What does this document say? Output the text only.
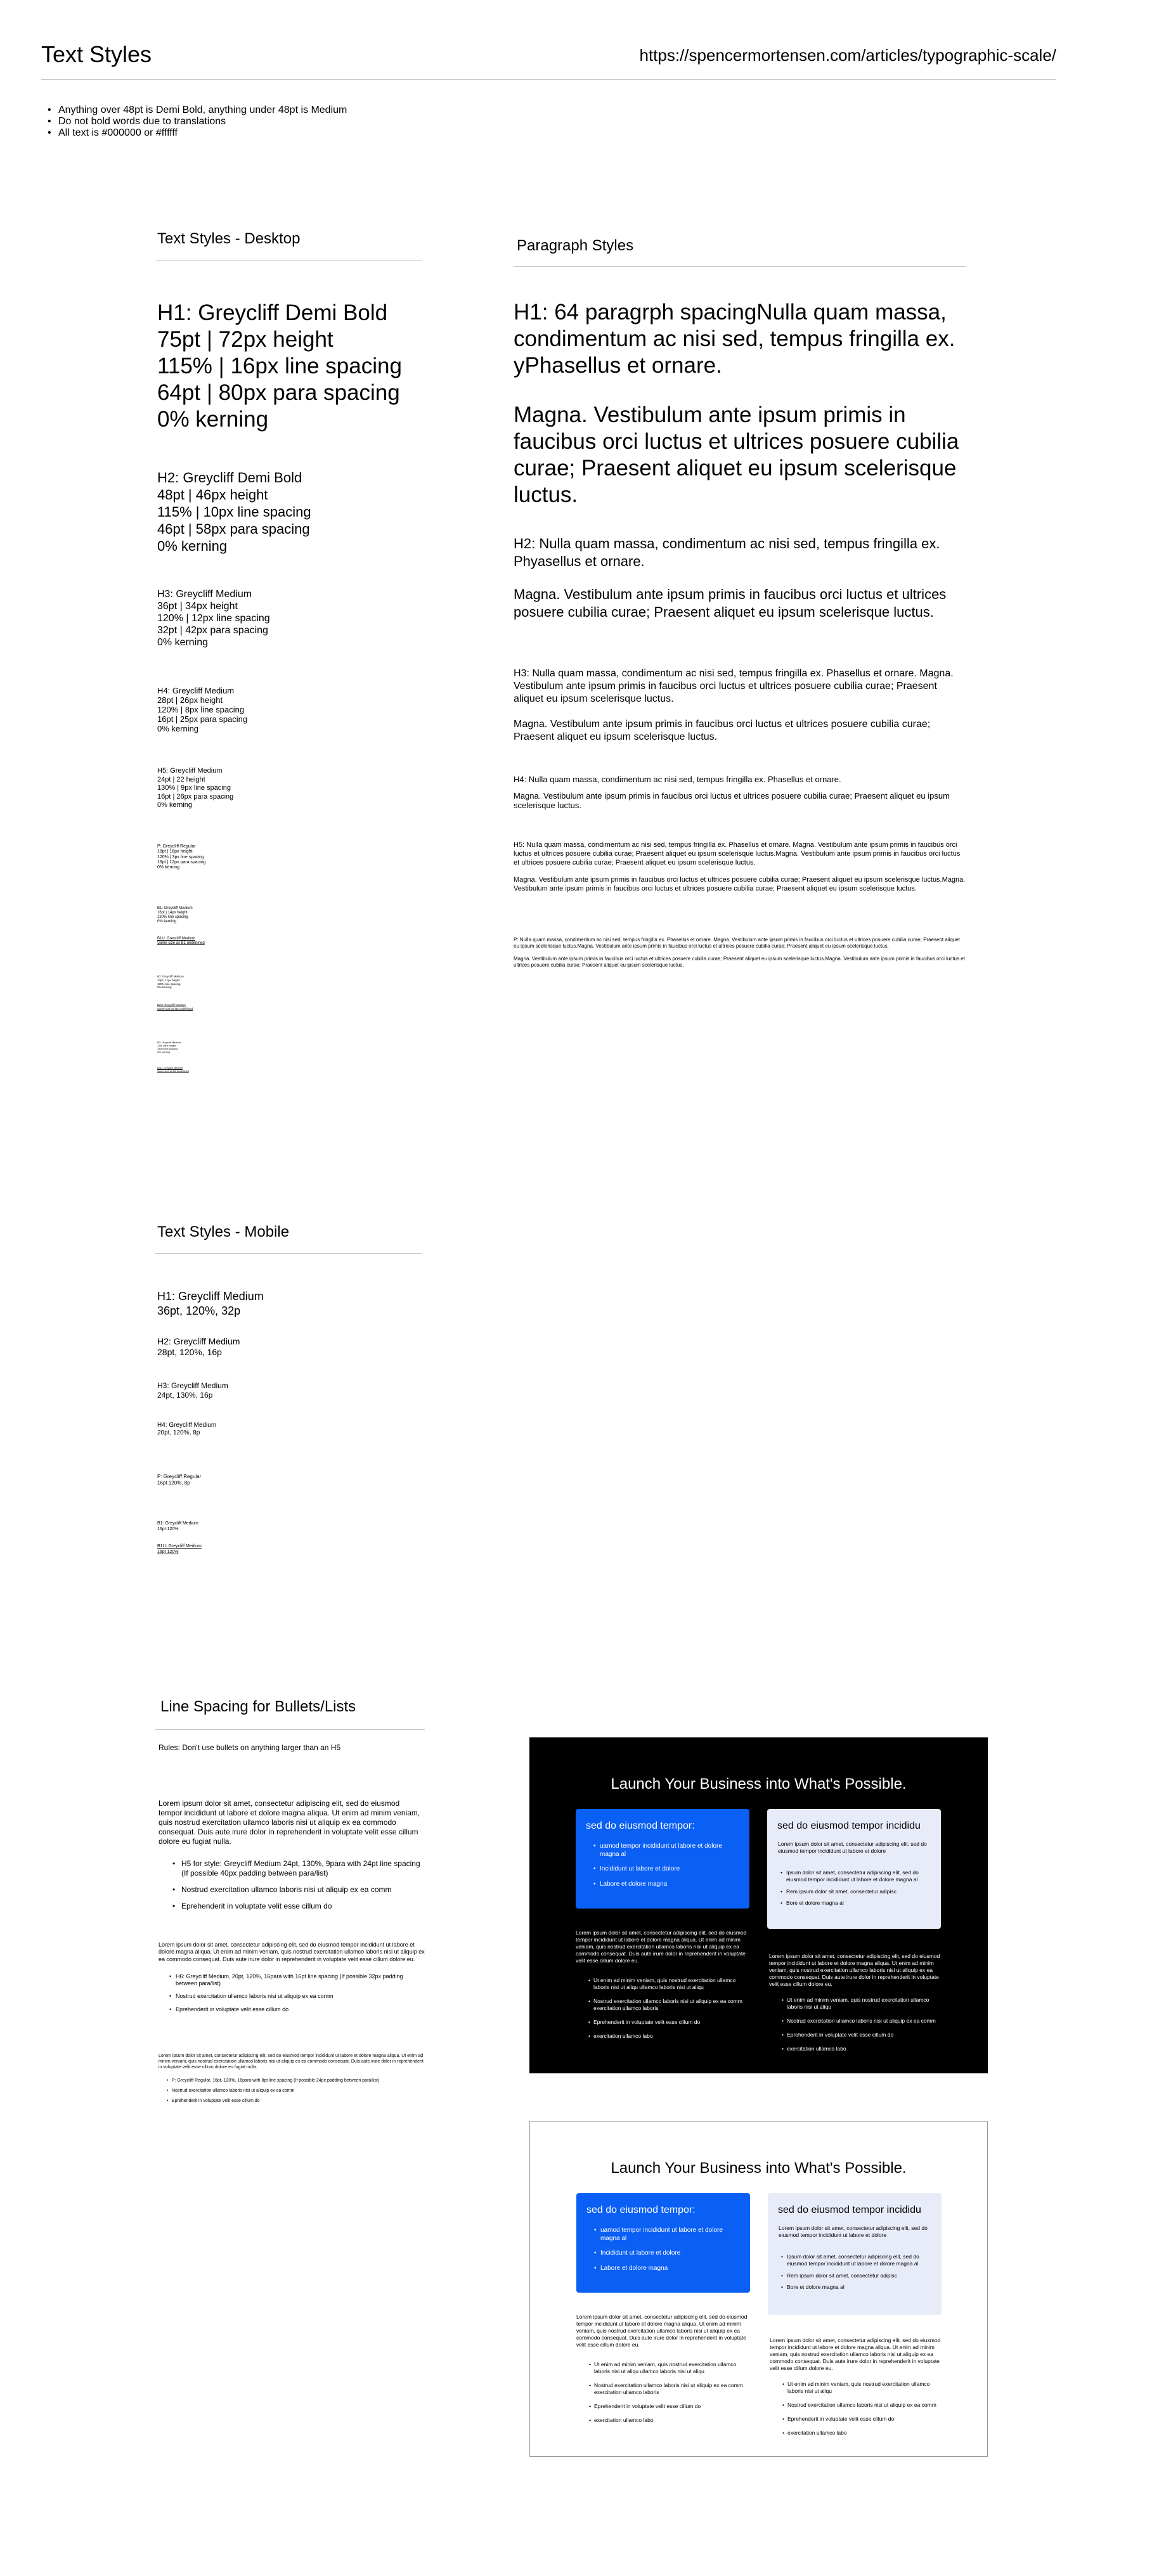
Text Styles	https://spencermortensen.com/articles/typographic-scale/
• Anything over 48pt is Demi Bold, anything under 48pt is Medium
• Do not bold words due to translations
• All text is #000000 or #ffffff
Text Styles - Desktop
H1: Greycliff Demi Bold
75pt | 72px height
115% | 16px line spacing
64pt | 80px para spacing
0% kerning
H2: Greycliff Demi Bold
48pt | 46px height
115% | 10px line spacing
46pt | 58px para spacing
0% kerning
H3: Greycliff Medium
36pt | 34px height
120% | 12px line spacing
32pt | 42px para spacing
0% kerning
H4: Greycliff Medium
28pt | 26px height
120% | 8px line spacing
16pt | 25px para spacing
0% kerning
H5: Greycliff Medium
24pt | 22 height
130% | 9px line spacing
16pt | 26px para spacing
0% kerning
P: Greycliff Regular
18pt | 16px height
120% | 3px line spacing
16pt | 12px para spacing
0% kerning
B1: Greycliff Medium
16pt | 14px height
130% line spacing
0% kerning
B1U: Greycliff Medium
Same size as B1 underlined
B2: Greycliff Medium
14pt | 11px height
130% line spacing
0% kerning
B2U: Greycliff Medium
Same size as B2 underlined
B3: Greycliff Medium
12pt | 9px height
130% line spacing
0% kerning
B3U: Greycliff Medium
Same size as B3 underlined
Paragraph Styles
H1: 64 paragrph spacingNulla quam massa, condimentum ac nisi sed, tempus fringilla ex. yPhasellus et ornare.
Magna. Vestibulum ante ipsum primis in faucibus orci luctus et ultrices posuere cubilia curae; Praesent aliquet eu ipsum scelerisque luctus.
H2: Nulla quam massa, condimentum ac nisi sed, tempus fringilla ex. Phyasellus et ornare.
Magna. Vestibulum ante ipsum primis in faucibus orci luctus et ultrices posuere cubilia curae; Praesent aliquet eu ipsum scelerisque luctus.
H3: Nulla quam massa, condimentum ac nisi sed, tempus fringilla ex. Phasellus et ornare. Magna. Vestibulum ante ipsum primis in faucibus orci luctus et ultrices posuere cubilia curae; Praesent aliquet eu ipsum scelerisque luctus.
Magna. Vestibulum ante ipsum primis in faucibus orci luctus et ultrices posuere cubilia curae; Praesent aliquet eu ipsum scelerisque luctus.
H4: Nulla quam massa, condimentum ac nisi sed, tempus fringilla ex. Phasellus et ornare.
Magna. Vestibulum ante ipsum primis in faucibus orci luctus et ultrices posuere cubilia curae; Praesent aliquet eu ipsum scelerisque luctus.
H5: Nulla quam massa, condimentum ac nisi sed, tempus fringilla ex. Phasellus et ornare. Magna. Vestibulum ante ipsum primis in faucibus orci luctus et ultrices posuere cubilia curae; Praesent aliquet eu ipsum scelerisque luctus.Magna. Vestibulum ante ipsum primis in faucibus orci luctus et ultrices posuere cubilia curae; Praesent aliquet eu ipsum scelerisque luctus.
Magna. Vestibulum ante ipsum primis in faucibus orci luctus et ultrices posuere cubilia curae; Praesent aliquet eu ipsum scelerisque luctus.Magna. Vestibulum ante ipsum primis in faucibus orci luctus et ultrices posuere cubilia curae; Praesent aliquet eu ipsum scelerisque luctus.
P: Nulla quam massa, condimentum ac nisi sed, tempus fringilla ex. Phasellus et ornare. Magna. Vestibulum ante ipsum primis in faucibus orci luctus et ultrices posuere cubilia curae; Praesent aliquet eu ipsum scelerisque luctus.Magna. Vestibulum ante ipsum primis in faucibus orci luctus et ultrices posuere cubilia curae; Praesent aliquet eu ipsum scelerisque luctus.
Magna. Vestibulum ante ipsum primis in faucibus orci luctus et ultrices posuere cubilia curae; Praesent aliquet eu ipsum scelerisque luctus.Magna. Vestibulum ante ipsum primis in faucibus orci luctus et ultrices posuere cubilia curae; Praesent aliquet eu ipsum scelerisque luctus.
Text Styles - Mobile
H1: Greycliff Medium
36pt, 120%, 32p
H2: Greycliff Medium
28pt, 120%, 16p
H3: Greycliff Medium
24pt, 130%, 16p
H4: Greycliff Medium
20pt, 120%, 8p
P: Greycliff Regular
16pt 120%, 8p
B1: Greycliff Medium
16pt 120%
B1U: Greycliff Medium
16pt 120%
Line Spacing for Bullets/Lists
Rules: Don't use bullets on anything larger than an H5

Lorem ipsum dolor sit amet, consectetur adipiscing elit, sed do eiusmod tempor incididunt ut labore et dolore magna aliqua. Ut enim ad minim veniam, quis nostrud exercitation ullamco laboris nisi ut aliquip ex ea commodo consequat. Duis aute irure dolor in reprehenderit in voluptate velit esse cillum dolore eu fugiat nulla.

• H5 for style: Greycliff Medium 24pt, 130%, 9para with 24pt line spacing (If possible 40px padding between para/list)
• Nostrud exercitation ullamco laboris nisi ut aliquip ex ea comm
• Eprehenderit in voluptate velit esse cillum do

Lorem ipsum dolor sit amet, consectetur adipiscing elit, sed do eiusmod tempor incididunt ut labore et dolore magna aliqua. Ut enim ad minim veniam, quis nostrud exercitation ullamco laboris nisi ut aliquip ex ea commodo consequat. Duis aute irure dolor in reprehenderit in voluptate velit esse cillum dolore eu.

• H6: Greycliff Medium, 20pt, 120%, 16para with 16pt line spacing (If possible 32px padding between para/list)
• Nostrud exercitation ullamco laboris nisi ut aliquip ex ea comm
• Eprehenderit in voluptate velit esse cillum do

Lorem ipsum dolor sit amet, consectetur adipiscing elit, sed do eiusmod tempor incididunt ut labore et dolore magna aliqua. Ut enim ad minim veniam, quis nostrud exercitation ullamco laboris nisi ut aliquip ex ea commodo consequat. Duis aute irure dolor in reprehenderit in voluptate velit esse cillum dolore eu fugiat nulla.

• P: Greycliff Regular, 16pt, 120%, 16para with 8pt line spacing (If possible 24px padding between para/list)
• Nostrud exercitation ullamco laboris nisi ut aliquip ex ea comm
• Eprehenderit in voluptate velit esse cillum do
Launch Your Business into What's Possible.
sed do eiusmod tempor:
• uamod tempor incididunt ut labore et dolore magna al
• Incididunt ut labore et dolore
• Labore et dolore magna
sed do eiusmod tempor incididu
Lorem ipsum dolor sit amet, consectetur adipiscing elit, sed do eiusmod tempor incididunt ut labore et dolore
• Ipsum dolor sit amet, consectetur adipiscing elit, sed do eiusmod tempor incididunt ut labore et dolore magna al
• Rem ipsum dolor sit amet, consectetur adipisc
• Bore et dolore magna al

Lorem ipsum dolor sit amet, consectetur adipiscing elit, sed do eiusmod tempor incididunt ut labore et dolore magna aliqua. Ut enim ad minim veniam, quis nostrud exercitation ullamco laboris nisi ut aliquip ex ea commodo consequat. Duis aute irure dolor in reprehenderit in voluptate velit esse cillum dolore eu.

• Ut enim ad minim veniam, quis nostrud exercitation ullamco laboris nisi ut aliqu ullamco laboris nisi ut aliqu
• Nostrud exercitation ullamco laboris nisi ut aliquip ex ea comm exercitation ullamco laboris
• Eprehenderit in voluptate velit esse cillum do
• exercitation ullamco labo

Lorem ipsum dolor sit amet, consectetur adipiscing elit, sed do eiusmod tempor incididunt ut labore et dolore magna aliqua. Ut enim ad minim veniam, quis nostrud exercitation ullamco laboris nisi ut aliquip ex ea commodo consequat. Duis aute irure dolor in reprehenderit in voluptate velit esse cillum dolore eu.

• Ut enim ad minim veniam, quis nostrud exercitation ullamco laboris nisi ut aliqu
• Nostrud exercitation ullamco laboris nisi ut aliquip ex ea comm
• Eprehenderit in voluptate velit esse cillum do
• exercitation ullamco labo
Launch Your Business into What's Possible.
sed do eiusmod tempor:
• uamod tempor incididunt ut labore et dolore magna al
• Incididunt ut labore et dolore
• Labore et dolore magna
sed do eiusmod tempor incididu
Lorem ipsum dolor sit amet, consectetur adipiscing elit, sed do eiusmod tempor incididunt ut labore et dolore
• Ipsum dolor sit amet, consectetur adipiscing elit, sed do eiusmod tempor incididunt ut labore et dolore magna al
• Rem ipsum dolor sit amet, consectetur adipisc
• Bore et dolore magna al

Lorem ipsum dolor sit amet, consectetur adipiscing elit, sed do eiusmod tempor incididunt ut labore et dolore magna aliqua. Ut enim ad minim veniam, quis nostrud exercitation ullamco laboris nisi ut aliquip ex ea commodo consequat. Duis aute irure dolor in reprehenderit in voluptate velit esse cillum dolore eu.

• Ut enim ad minim veniam, quis nostrud exercitation ullamco laboris nisi ut aliqu ullamco laboris nisi ut aliqu
• Nostrud exercitation ullamco laboris nisi ut aliquip ex ea comm exercitation ullamco laboris
• Eprehenderit in voluptate velit esse cillum do
• exercitation ullamco labo

Lorem ipsum dolor sit amet, consectetur adipiscing elit, sed do eiusmod tempor incididunt ut labore et dolore magna aliqua. Ut enim ad minim veniam, quis nostrud exercitation ullamco laboris nisi ut aliquip ex ea commodo consequat. Duis aute irure dolor in reprehenderit in voluptate velit esse cillum dolore eu.

• Ut enim ad minim veniam, quis nostrud exercitation ullamco laboris nisi ut aliqu
• Nostrud exercitation ullamco laboris nisi ut aliquip ex ea comm
• Eprehenderit in voluptate velit esse cillum do
• exercitation ullamco labo
